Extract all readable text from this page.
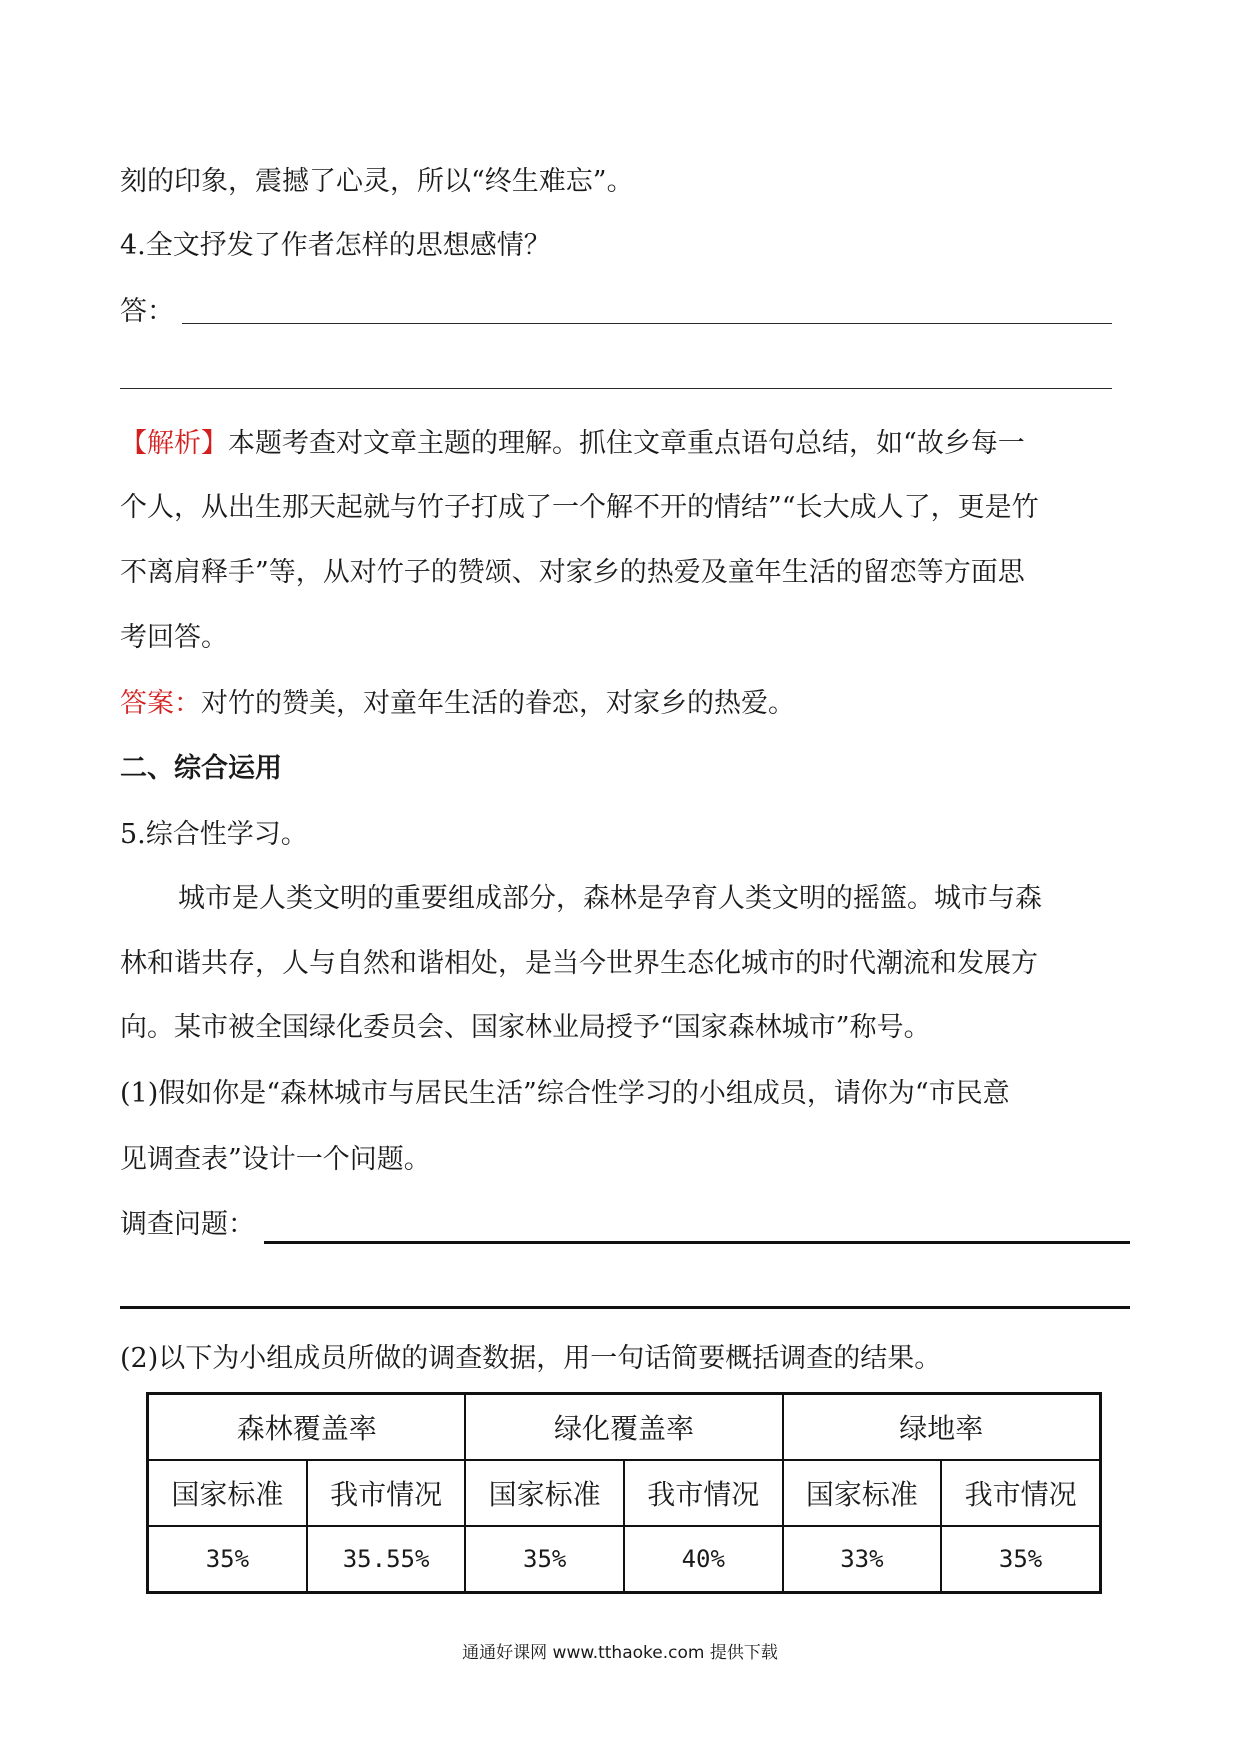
刻的印象，震撼了心灵，所以“终生难忘”。
4.全文抒发了作者怎样的思想感情？
答：
【解析】本题考查对文章主题的理解。抓住文章重点语句总结，如“故乡每一
个人，从出生那天起就与竹子打成了一个解不开的情结”“长大成人了，更是竹
不离肩释手”等，从对竹子的赞颂、对家乡的热爱及童年生活的留恋等方面思
考回答。
答案：对竹的赞美，对童年生活的眷恋，对家乡的热爱。
二、综合运用
5.综合性学习。
城市是人类文明的重要组成部分，森林是孕育人类文明的摇篮。城市与森
林和谐共存，人与自然和谐相处，是当今世界生态化城市的时代潮流和发展方
向。某市被全国绿化委员会、国家林业局授予“国家森林城市”称号。
(1)假如你是“森林城市与居民生活”综合性学习的小组成员，请你为“市民意
见调查表”设计一个问题。
调查问题：
(2)以下为小组成员所做的调查数据，用一句话简要概括调查的结果。
森林覆盖率		绿化覆盖率		绿地率	
国家标准	我市情况	国家标准	我市情况	国家标准	我市情况
35%	35.55%	35%	40%	33%	35%
通通好课网 www.tthaoke.com 提供下载
